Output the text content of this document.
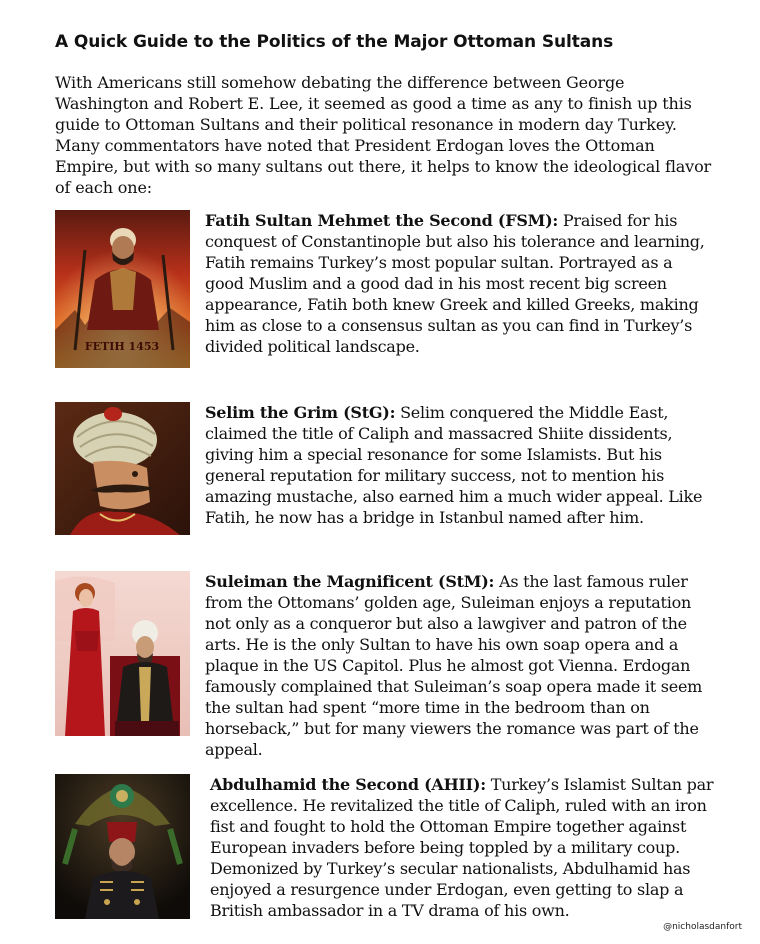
A Quick Guide to the Politics of the Major Ottoman Sultans
With Americans still somehow debating the difference between George Washington and Robert E. Lee, it seemed as good a time as any to finish up this guide to Ottoman Sultans and their political resonance in modern day Turkey. Many commentators have noted that President Erdogan loves the Ottoman Empire, but with so many sultans out there, it helps to know the ideological flavor of each one:
FETIH 1453
Fatih Sultan Mehmet the Second (FSM): Praised for his conquest of Constantinople but also his tolerance and learning, Fatih remains Turkey’s most popular sultan. Portrayed as a good Muslim and a good dad in his most recent big screen appearance, Fatih both knew Greek and killed Greeks, making him as close to a consensus sultan as you can find in Turkey’s divided political landscape.
Selim the Grim (StG): Selim conquered the Middle East, claimed the title of Caliph and massacred Shiite dissidents, giving him a special resonance for some Islamists. But his general reputation for military success, not to mention his amazing mustache, also earned him a much wider appeal. Like Fatih, he now has a bridge in Istanbul named after him.
Suleiman the Magnificent (StM): As the last famous ruler from the Ottomans’ golden age, Suleiman enjoys a reputation not only as a conqueror but also a lawgiver and patron of the arts. He is the only Sultan to have his own soap opera and a plaque in the US Capitol. Plus he almost got Vienna. Erdogan famously complained that Suleiman’s soap opera made it seem the sultan had spent “more time in the bedroom than on horseback,” but for many viewers the romance was part of the appeal.
Abdulhamid the Second (AHII): Turkey’s Islamist Sultan par excellence. He revitalized the title of Caliph, ruled with an iron fist and fought to hold the Ottoman Empire together against European invaders before being toppled by a military coup. Demonized by Turkey’s secular nationalists, Abdulhamid has enjoyed a resurgence under Erdogan, even getting to slap a British ambassador in a TV drama of his own.
@nicholasdanfort
